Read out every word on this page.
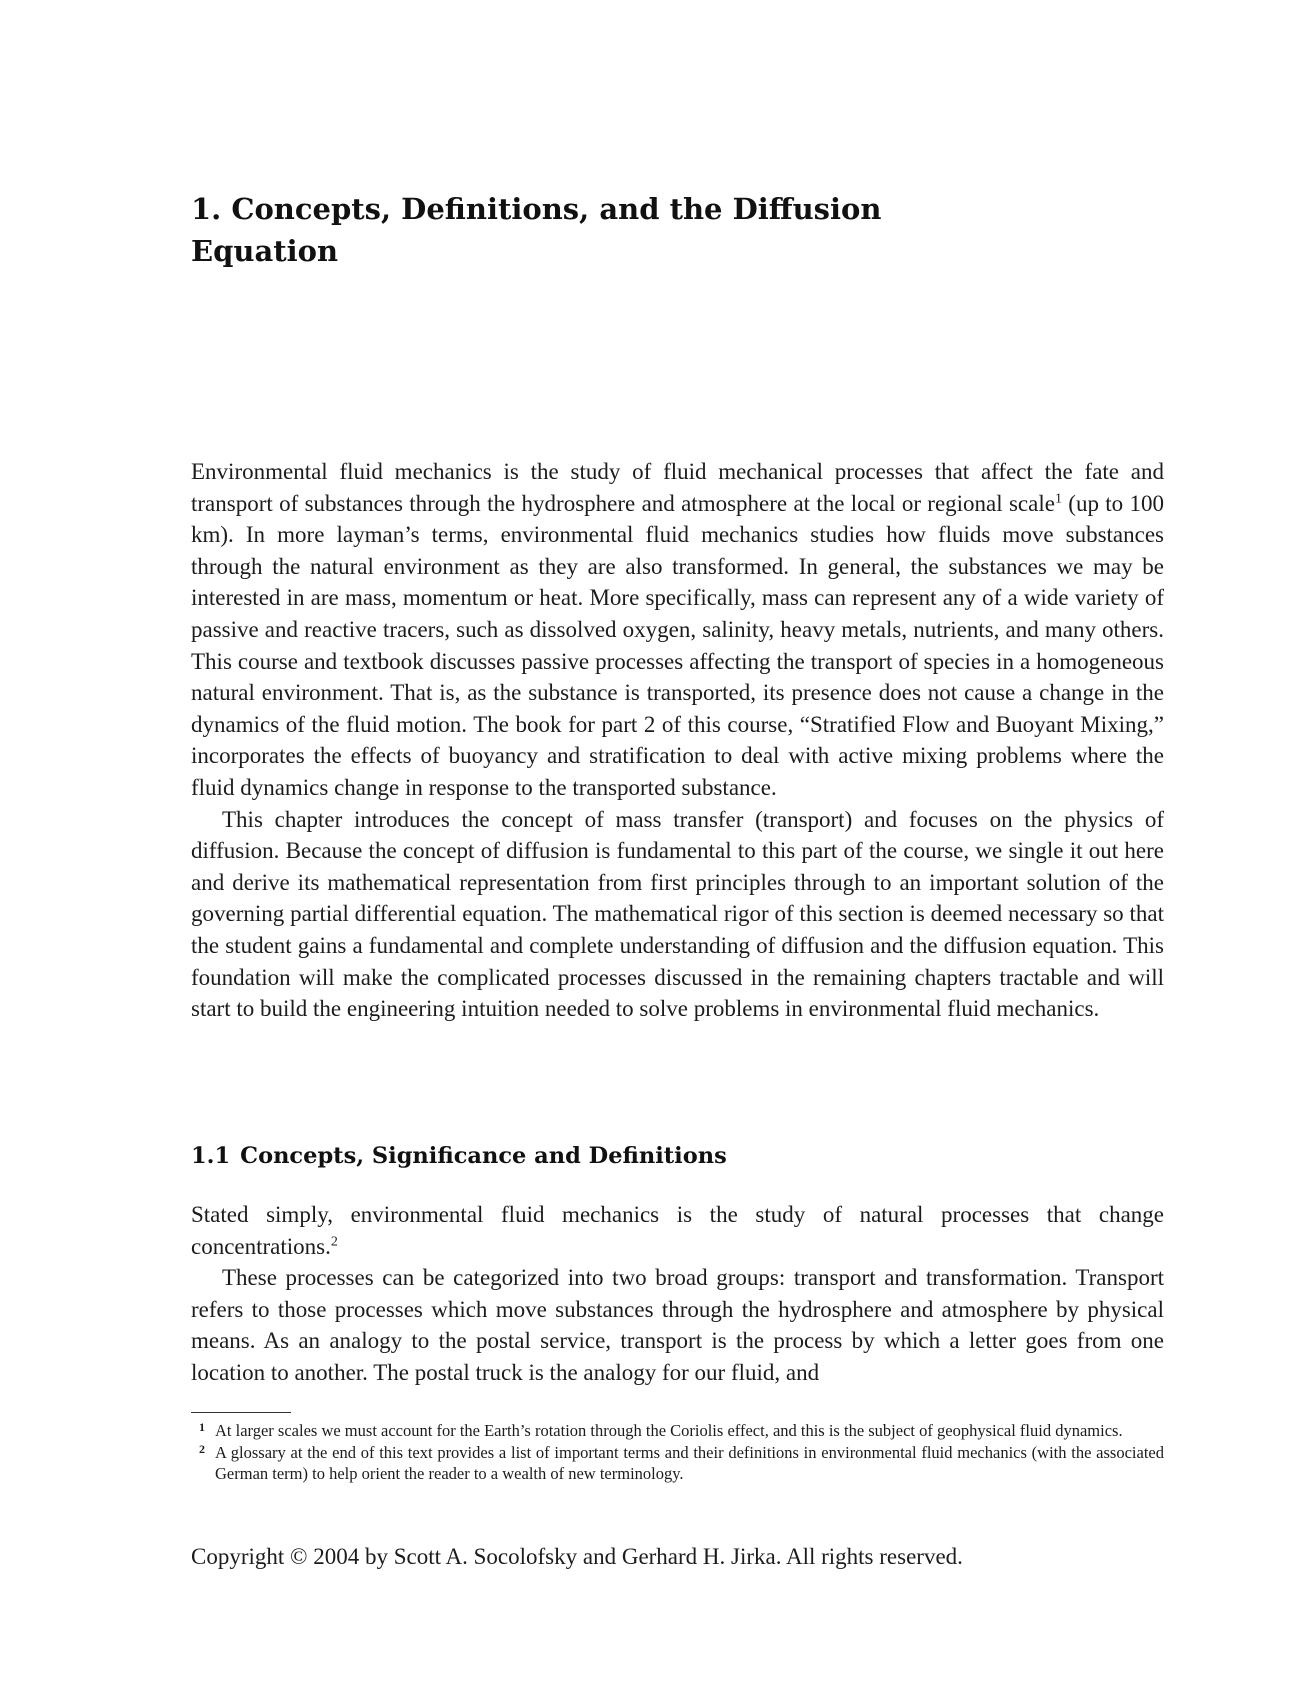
1. Concepts, Definitions, and the Diffusion Equation

Environmental fluid mechanics is the study of fluid mechanical processes that affect the fate and transport of substances through the hydrosphere and atmosphere at the local or regional scale$^1$ (up to 100 km). In more layman’s terms, environmental fluid mechanics studies how fluids move substances through the natural environment as they are also transformed. In general, the substances we may be interested in are mass, momentum or heat. More specifically, mass can represent any of a wide variety of passive and reactive tracers, such as dissolved oxygen, salinity, heavy metals, nutrients, and many others. This course and textbook discusses passive processes affecting the transport of species in a homogeneous natural environment. That is, as the substance is transported, its presence does not cause a change in the dynamics of the fluid motion. The book for part 2 of this course, “Stratified Flow and Buoyant Mixing,” incorporates the effects of buoyancy and stratification to deal with active mixing problems where the fluid dynamics change in response to the transported substance.

This chapter introduces the concept of mass transfer (transport) and focuses on the physics of diffusion. Because the concept of diffusion is fundamental to this part of the course, we single it out here and derive its mathematical representation from first principles through to an important solution of the governing partial differential equation. The mathematical rigor of this section is deemed necessary so that the student gains a fundamental and complete understanding of diffusion and the diffusion equation. This foundation will make the complicated processes discussed in the remaining chapters tractable and will start to build the engineering intuition needed to solve problems in environmental fluid mechanics.

1.1 Concepts, Significance and Definitions

Stated simply, environmental fluid mechanics is the study of natural processes that change concentrations.$^2$

These processes can be categorized into two broad groups: transport and transformation. Transport refers to those processes which move substances through the hydrosphere and atmosphere by physical means. As an analogy to the postal service, transport is the process by which a letter goes from one location to another. The postal truck is the analogy for our fluid, and

1 At larger scales we must account for the Earth’s rotation through the Coriolis effect, and this is the subject of geophysical fluid dynamics.

2 A glossary at the end of this text provides a list of important terms and their definitions in environmental fluid mechanics (with the associated German term) to help orient the reader to a wealth of new terminology.

Copyright © 2004 by Scott A. Socolofsky and Gerhard H. Jirka. All rights reserved.
